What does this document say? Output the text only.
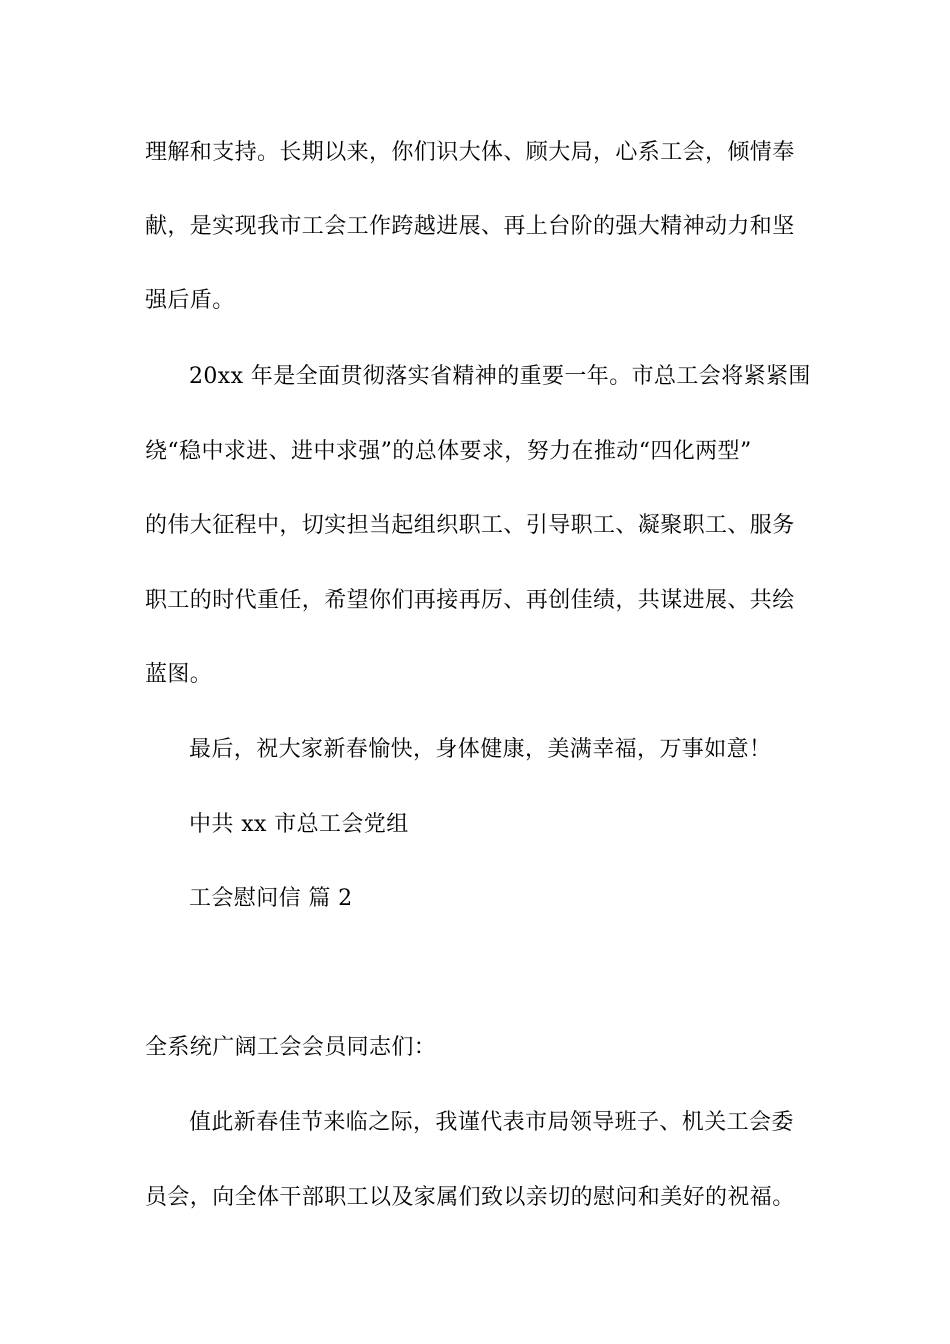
理解和支持。长期以来，你们识大体、顾大局，心系工会，倾情奉
献，是实现我市工会工作跨越进展、再上台阶的强大精神动力和坚
强后盾。
20xx 年是全面贯彻落实省精神的重要一年。市总工会将紧紧围
绕“稳中求进、进中求强”的总体要求，努力在推动“四化两型”
的伟大征程中，切实担当起组织职工、引导职工、凝聚职工、服务
职工的时代重任，希望你们再接再厉、再创佳绩，共谋进展、共绘
蓝图。
最后，祝大家新春愉快，身体健康，美满幸福，万事如意！
中共 xx 市总工会党组
工会慰问信 篇 2
全系统广阔工会会员同志们：
值此新春佳节来临之际，我谨代表市局领导班子、机关工会委
员会，向全体干部职工以及家属们致以亲切的慰问和美好的祝福。
